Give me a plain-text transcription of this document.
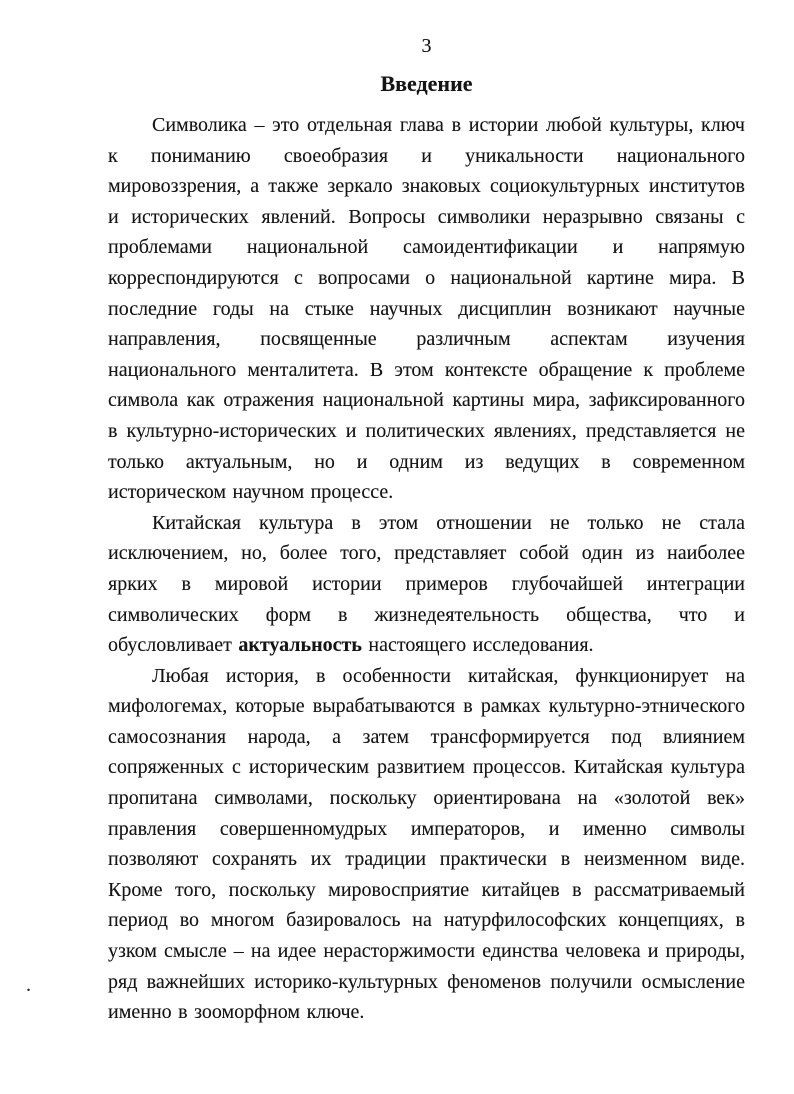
3
Введение

Символика – это отдельная глава в истории любой культуры, ключ к пониманию своеобразия и уникальности национального мировоззрения, а также зеркало знаковых социокультурных институтов и исторических явлений. Вопросы символики неразрывно связаны с проблемами национальной самоидентификации и напрямую корреспондируются с вопросами о национальной картине мира. В последние годы на стыке научных дисциплин возникают научные направления, посвященные различным аспектам изучения национального менталитета. В этом контексте обращение к проблеме символа как отражения национальной картины мира, зафиксированного в культурно-исторических и политических явлениях, представляется не только актуальным, но и одним из ведущих в современном историческом научном процессе.

Китайская культура в этом отношении не только не стала исключением, но, более того, представляет собой один из наиболее ярких в мировой истории примеров глубочайшей интеграции символических форм в жизнедеятельность общества, что и обусловливает актуальность настоящего исследования.

Любая история, в особенности китайская, функционирует на мифологемах, которые вырабатываются в рамках культурно-этнического самосознания народа, а затем трансформируется под влиянием сопряженных с историческим развитием процессов. Китайская культура пропитана символами, поскольку ориентирована на «золотой век» правления совершенномудрых императоров, и именно символы позволяют сохранять их традиции практически в неизменном виде. Кроме того, поскольку мировосприятие китайцев в рассматриваемый период во многом базировалось на натурфилософских концепциях, в узком смысле – на идее нерасторжимости единства человека и природы, ряд важнейших историко-культурных феноменов получили осмысление именно в зооморфном ключе.

.
